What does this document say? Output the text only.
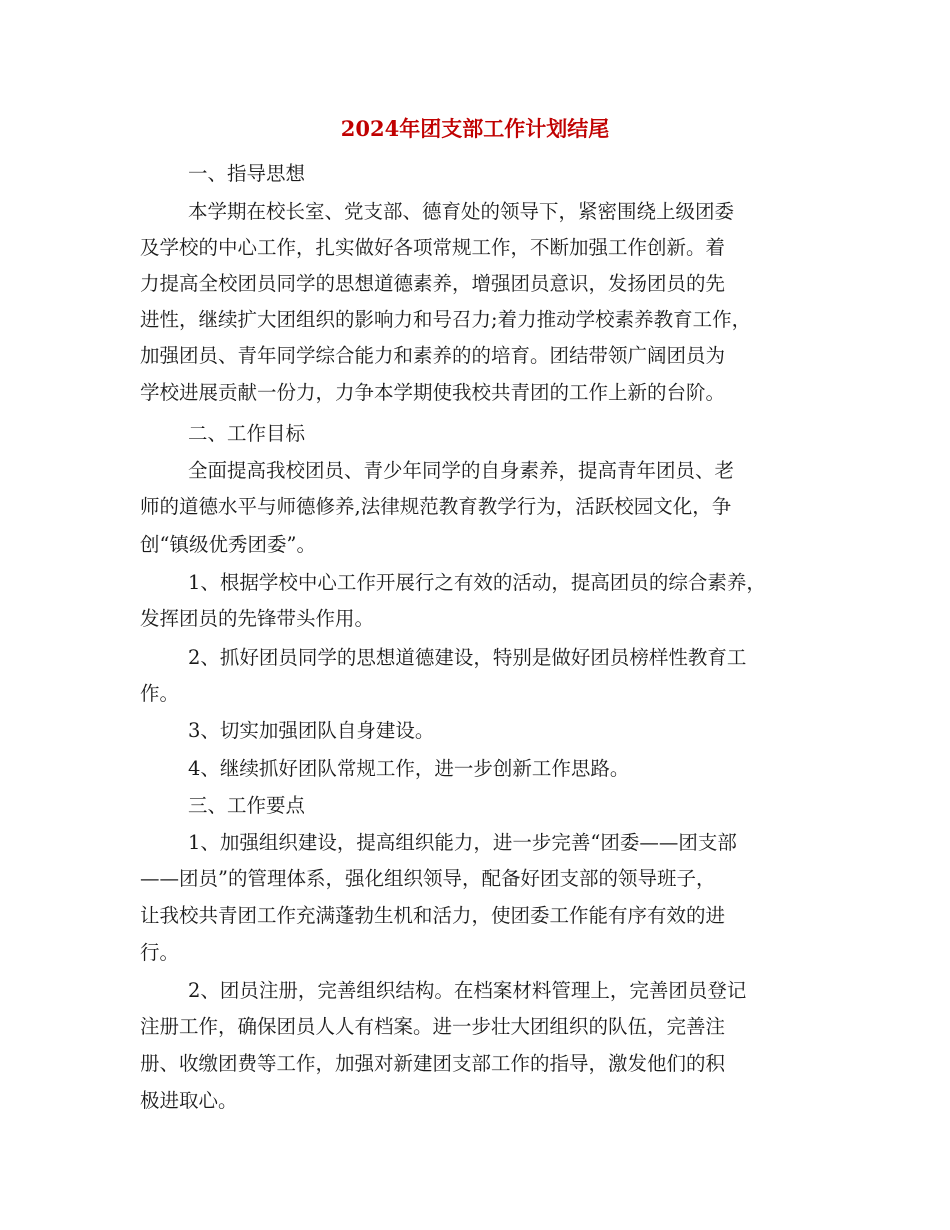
2024年团支部工作计划结尾

一、指导思想

本学期在校长室、党支部、德育处的领导下，紧密围绕上级团委

及学校的中心工作，扎实做好各项常规工作，不断加强工作创新。着

力提高全校团员同学的思想道德素养，增强团员意识，发扬团员的先

进性，继续扩大团组织的影响力和号召力;着力推动学校素养教育工作，

加强团员、青年同学综合能力和素养的的培育。团结带领广阔团员为

学校进展贡献一份力，力争本学期使我校共青团的工作上新的台阶。

二、工作目标

全面提高我校团员、青少年同学的自身素养，提高青年团员、老

师的道德水平与师德修养,法律规范教育教学行为，活跃校园文化，争

创“镇级优秀团委”。

1、根据学校中心工作开展行之有效的活动，提高团员的综合素养，

发挥团员的先锋带头作用。

2、抓好团员同学的思想道德建设，特别是做好团员榜样性教育工

作。

3、切实加强团队自身建设。

4、继续抓好团队常规工作，进一步创新工作思路。

三、工作要点

1、加强组织建设，提高组织能力，进一步完善“团委——团支部

——团员”的管理体系，强化组织领导，配备好团支部的领导班子，

让我校共青团工作充满蓬勃生机和活力，使团委工作能有序有效的进

行。

2、团员注册，完善组织结构。在档案材料管理上，完善团员登记

注册工作，确保团员人人有档案。进一步壮大团组织的队伍，完善注

册、收缴团费等工作，加强对新建团支部工作的指导，激发他们的积

极进取心。
